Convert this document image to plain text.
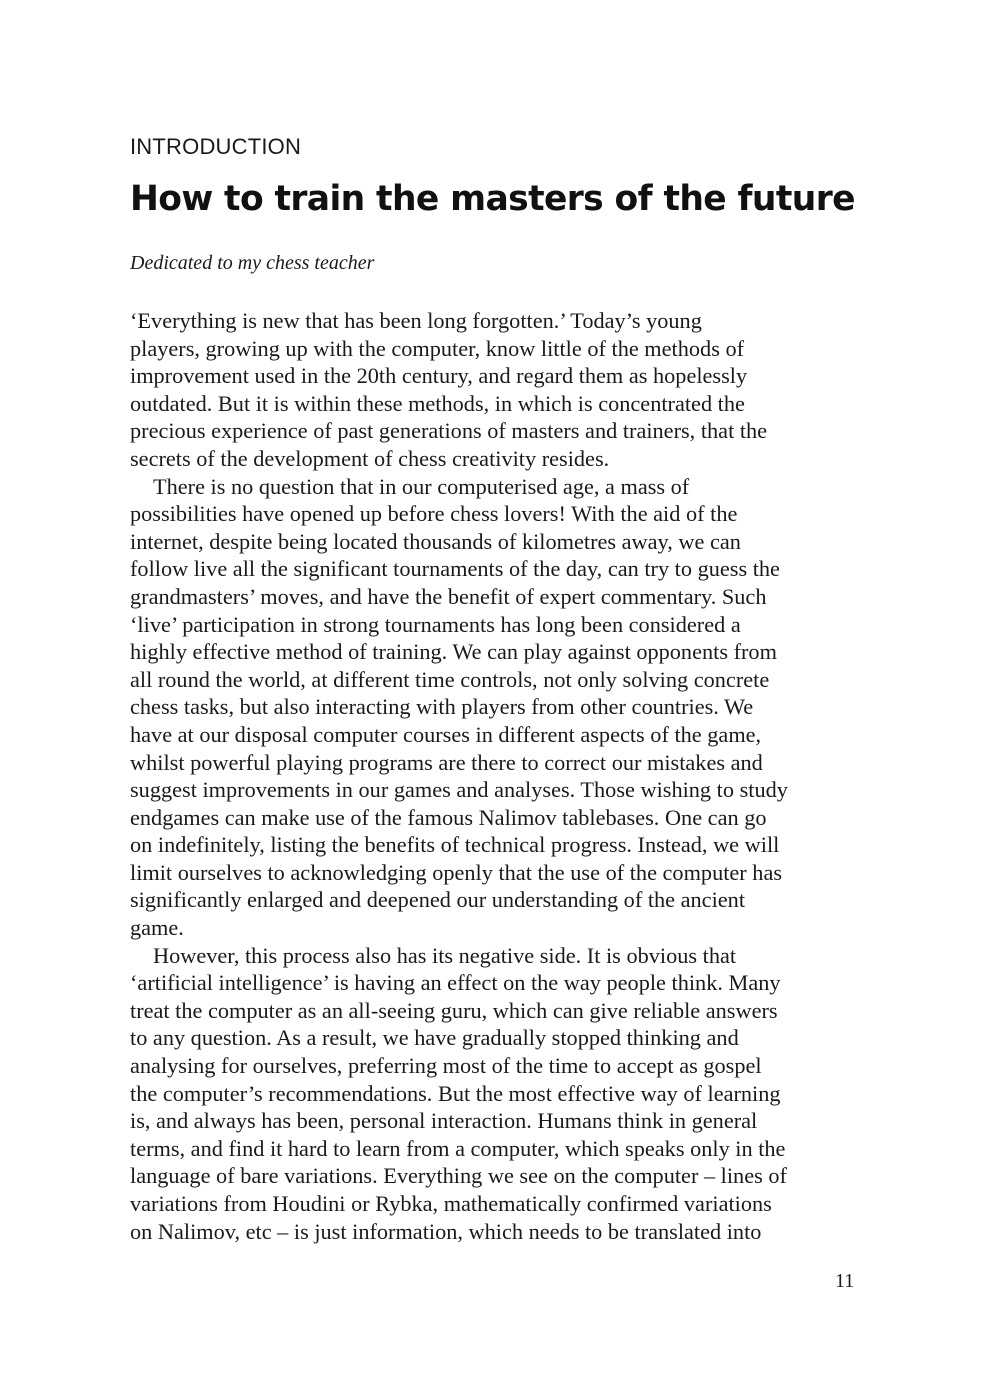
INTRODUCTION
How to train the masters of the future
Dedicated to my chess teacher

‘Everything is new that has been long forgotten.’ Today’s young
players, growing up with the computer, know little of the methods of
improvement used in the 20th century, and regard them as hopelessly
outdated. But it is within these methods, in which is concentrated the
precious experience of past generations of masters and trainers, that the
secrets of the development of chess creativity resides.

There is no question that in our computerised age, a mass of
possibilities have opened up before chess lovers! With the aid of the
internet, despite being located thousands of kilometres away, we can
follow live all the significant tournaments of the day, can try to guess the
grandmasters’ moves, and have the benefit of expert commentary. Such
‘live’ participation in strong tournaments has long been considered a
highly effective method of training. We can play against opponents from
all round the world, at different time controls, not only solving concrete
chess tasks, but also interacting with players from other countries. We
have at our disposal computer courses in different aspects of the game,
whilst powerful playing programs are there to correct our mistakes and
suggest improvements in our games and analyses. Those wishing to study
endgames can make use of the famous Nalimov tablebases. One can go
on indefinitely, listing the benefits of technical progress. Instead, we will
limit ourselves to acknowledging openly that the use of the computer has
significantly enlarged and deepened our understanding of the ancient
game.

However, this process also has its negative side. It is obvious that
‘artificial intelligence’ is having an effect on the way people think. Many
treat the computer as an all-seeing guru, which can give reliable answers
to any question. As a result, we have gradually stopped thinking and
analysing for ourselves, preferring most of the time to accept as gospel
the computer’s recommendations. But the most effective way of learning
is, and always has been, personal interaction. Humans think in general
terms, and find it hard to learn from a computer, which speaks only in the
language of bare variations. Everything we see on the computer – lines of
variations from Houdini or Rybka, mathematically confirmed variations
on Nalimov, etc – is just information, which needs to be translated into

11
